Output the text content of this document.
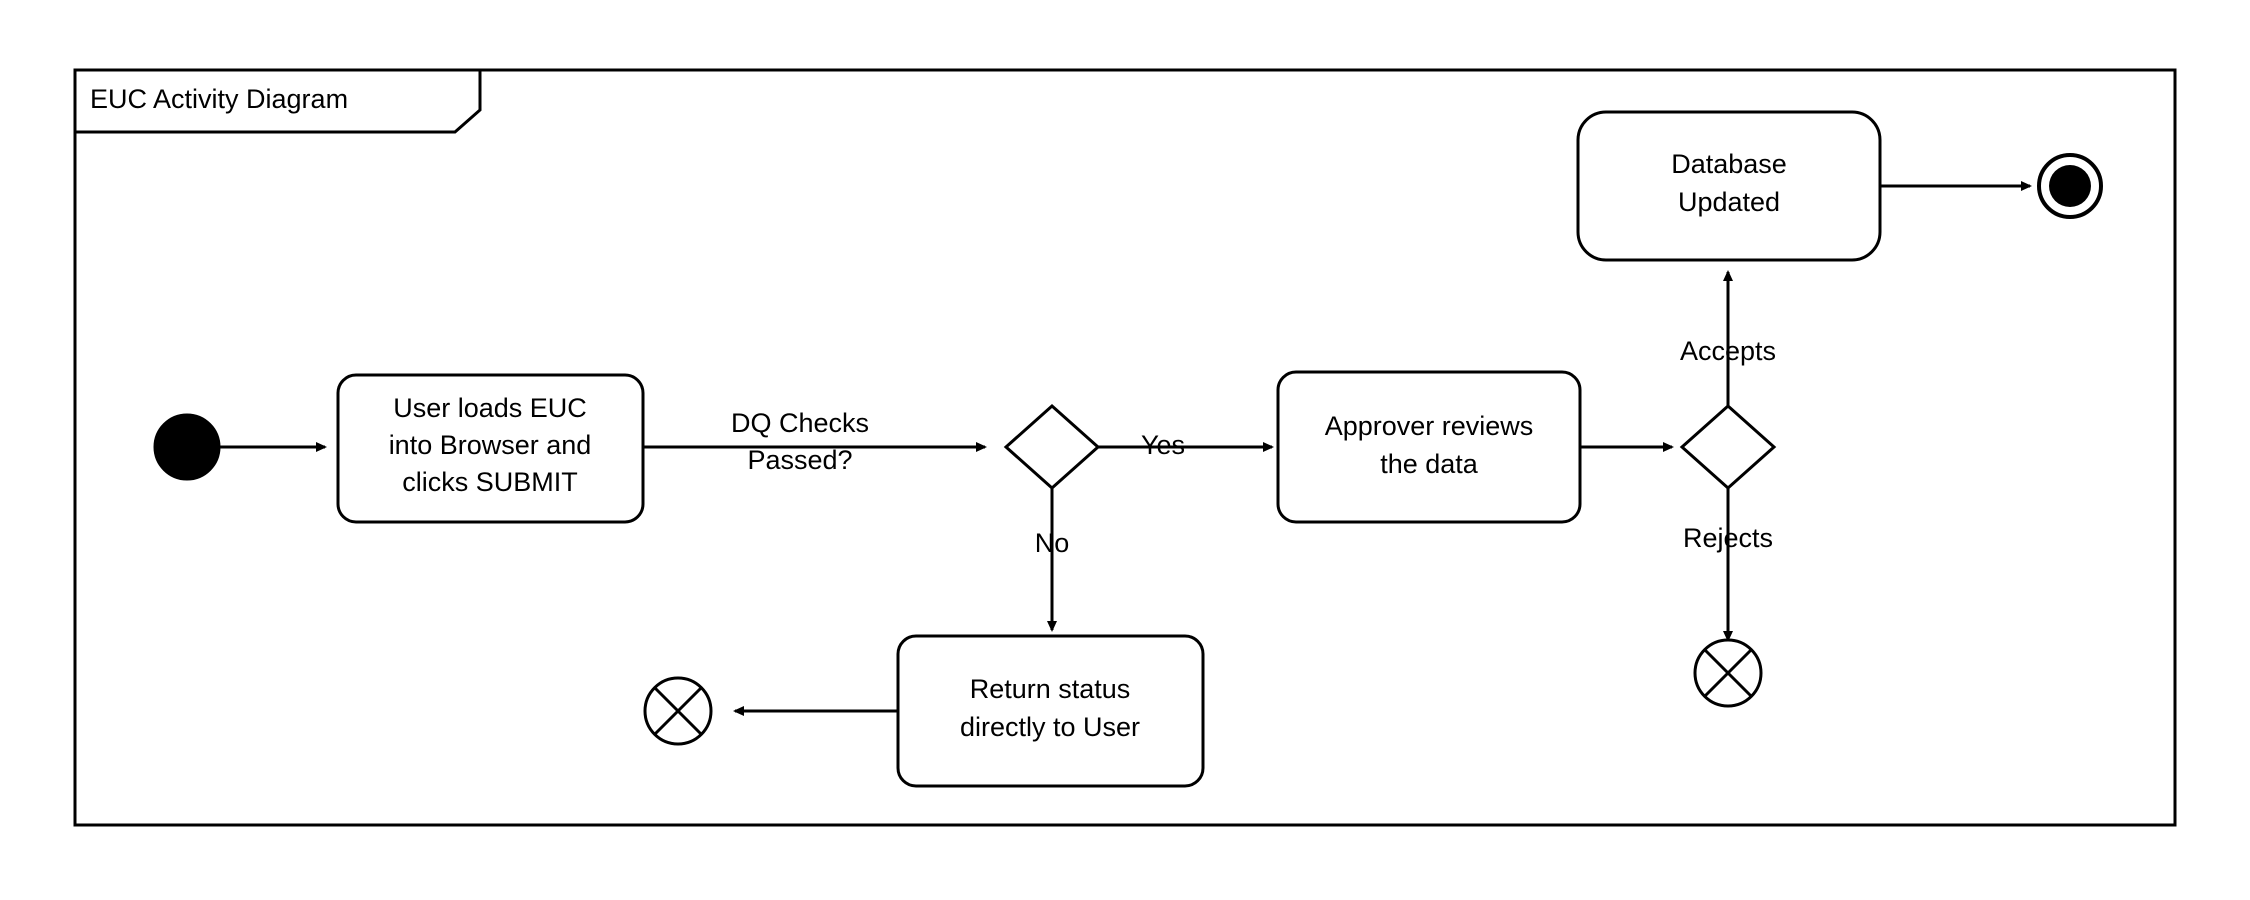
EUC Activity Diagram
User loads EUC
into Browser and
clicks SUBMIT
DQ Checks
Passed?	Yes
No
Approver reviews
the data
Accepts
Rejects
Database
Updated
Return status
directly to User
